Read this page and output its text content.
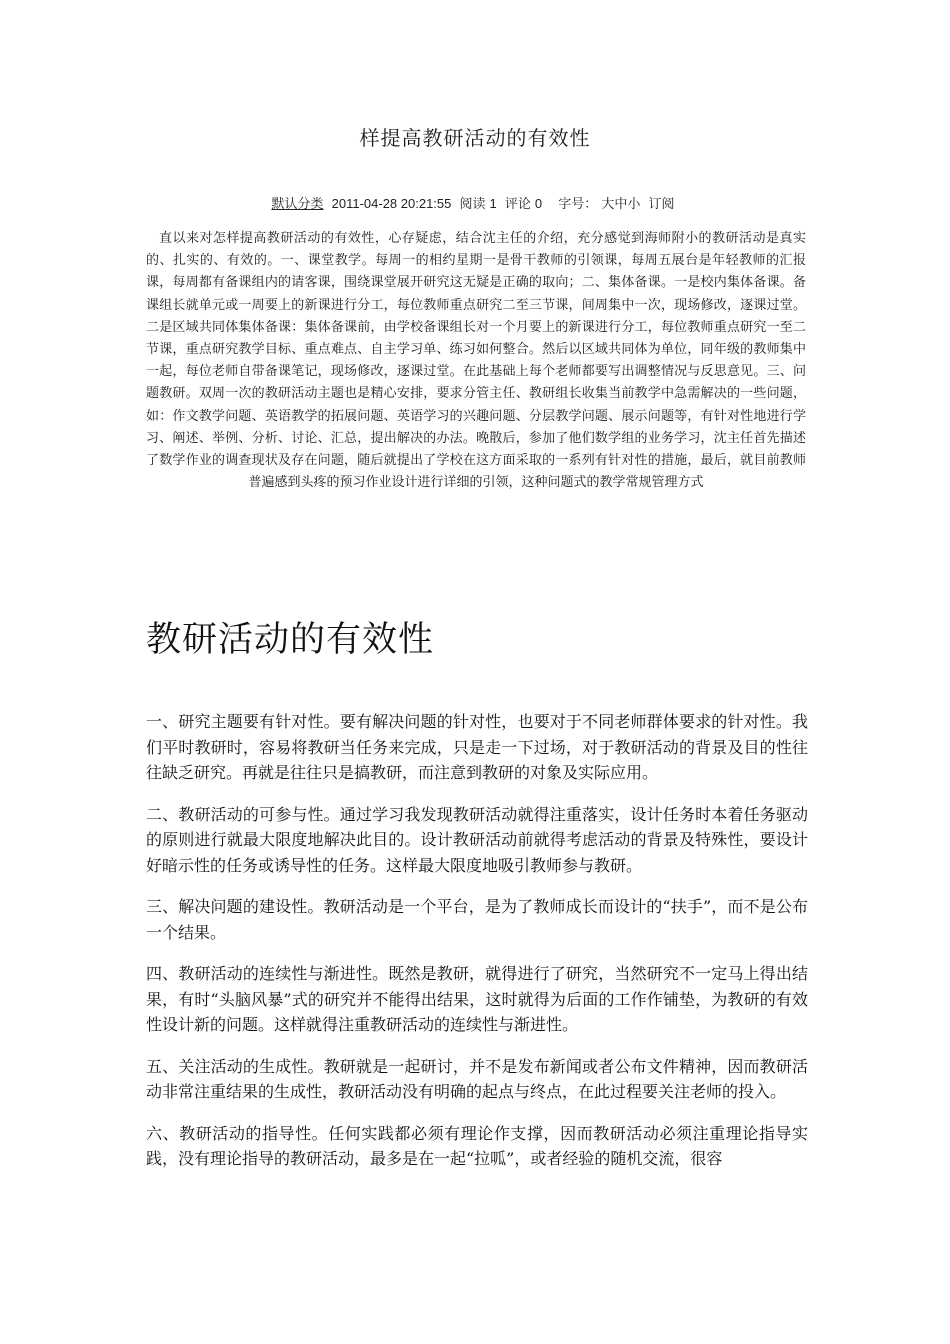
样提高教研活动的有效性
默认分类 2011-04-28 20:21:55 阅读 1 评论 0 字号： 大中小 订阅
直以来对怎样提高教研活动的有效性，心存疑虑，结合沈主任的介绍，充分感觉到海师附小的教研活动是真实的、扎实的、有效的。一、课堂教学。每周一的相约星期一是骨干教师的引领课，每周五展台是年轻教师的汇报课，每周都有备课组内的请客课，围绕课堂展开研究这无疑是正确的取向；二、集体备课。一是校内集体备课。备课组长就单元或一周要上的新课进行分工，每位教师重点研究二至三节课，间周集中一次，现场修改，逐课过堂。二是区域共同体集体备课：集体备课前，由学校备课组长对一个月要上的新课进行分工，每位教师重点研究一至二节课，重点研究教学目标、重点难点、自主学习单、练习如何整合。然后以区域共同体为单位，同年级的教师集中一起，每位老师自带备课笔记，现场修改，逐课过堂。在此基础上每个老师都要写出调整情况与反思意见。三、问题教研。双周一次的教研活动主题也是精心安排，要求分管主任、教研组长收集当前教学中急需解决的一些问题，如：作文教学问题、英语教学的拓展问题、英语学习的兴趣问题、分层教学问题、展示问题等，有针对性地进行学习、阐述、举例、分析、讨论、汇总，提出解决的办法。晚散后，参加了他们数学组的业务学习，沈主任首先描述了数学作业的调查现状及存在问题，随后就提出了学校在这方面采取的一系列有针对性的措施，最后，就目前教师普遍感到头疼的预习作业设计进行详细的引领，这种问题式的教学常规管理方式
教研活动的有效性

一、研究主题要有针对性。要有解决问题的针对性，也要对于不同老师群体要求的针对性。我们平时教研时，容易将教研当任务来完成，只是走一下过场，对于教研活动的背景及目的性往往缺乏研究。再就是往往只是搞教研，而注意到教研的对象及实际应用。

二、教研活动的可参与性。通过学习我发现教研活动就得注重落实，设计任务时本着任务驱动的原则进行就最大限度地解决此目的。设计教研活动前就得考虑活动的背景及特殊性，要设计好暗示性的任务或诱导性的任务。这样最大限度地吸引教师参与教研。

三、解决问题的建设性。教研活动是一个平台，是为了教师成长而设计的“扶手”，而不是公布一个结果。

四、教研活动的连续性与渐进性。既然是教研，就得进行了研究，当然研究不一定马上得出结果，有时“头脑风暴”式的研究并不能得出结果，这时就得为后面的工作作铺垫，为教研的有效性设计新的问题。这样就得注重教研活动的连续性与渐进性。

五、关注活动的生成性。教研就是一起研讨，并不是发布新闻或者公布文件精神，因而教研活动非常注重结果的生成性，教研活动没有明确的起点与终点，在此过程要关注老师的投入。

六、教研活动的指导性。任何实践都必须有理论作支撑，因而教研活动必须注重理论指导实践，没有理论指导的教研活动，最多是在一起“拉呱”，或者经验的随机交流，很容
